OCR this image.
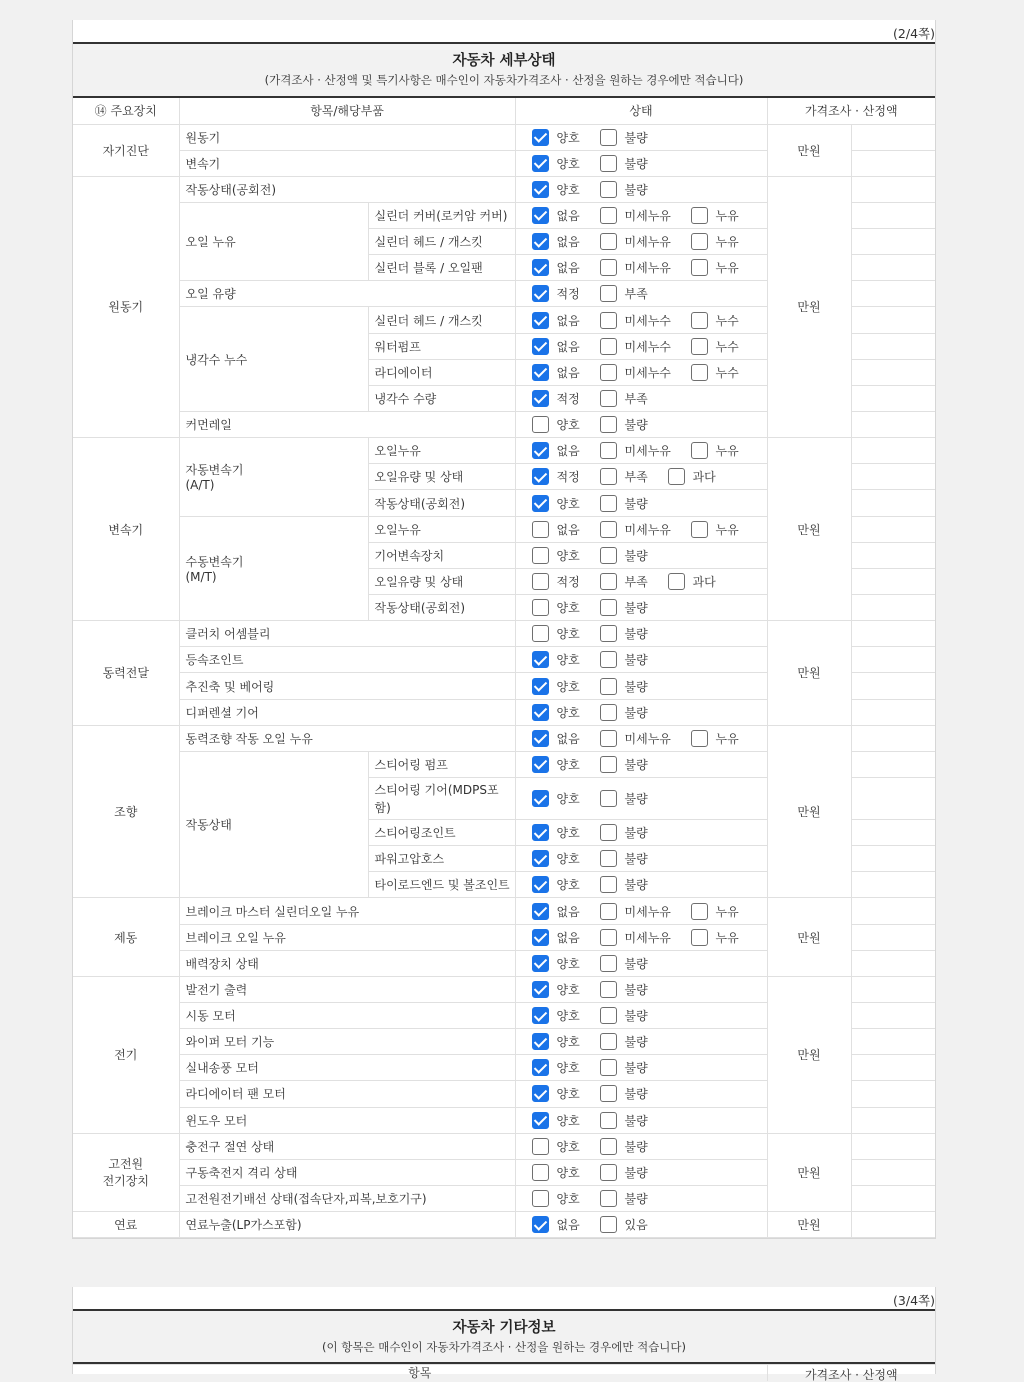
(2/4쪽)
자동차 세부상태
(가격조사 · 산정액 및 특기사항은 매수인이 자동차가격조사 · 산정을 원하는 경우에만 적습니다)
⑭ 주요장치	항목/해당부품		상태	가격조사 · 산정액	
자기진단	원동기		양호 불량	만원	
	변속기		양호 불량		

원동기	작동상태(공회전)		양호 불량	만원	
	오일 누유	실린더 커버(로커암 커버)	없음 미세누유 누유		

		실린더 헤드 / 개스킷	없음 미세누유 누유		

		실린더 블록 / 오일팬	없음 미세누유 누유		

	오일 유량		적정 부족		

	냉각수 누수	실린더 헤드 / 개스킷	없음 미세누수 누수		

		워터펌프	없음 미세누수 누수		

		라디에이터	없음 미세누수 누수		

		냉각수 수량	적정 부족		

	커먼레일		양호 불량		

변속기	자동변속기
(A/T)	오일누유	없음 미세누유 누유	만원	
		오일유량 및 상태	적정 부족 과다		

		작동상태(공회전)	양호 불량		

	수동변속기
(M/T)	오일누유	없음 미세누유 누유		

		기어변속장치	양호 불량		

		오일유량 및 상태	적정 부족 과다		

		작동상태(공회전)	양호 불량		

동력전달	클러치 어셈블리		양호 불량	만원	
	등속조인트		양호 불량		

	추진축 및 베어링		양호 불량		

	디퍼렌셜 기어		양호 불량		

조향	동력조향 작동 오일 누유		없음 미세누유 누유	만원	
	작동상태	스티어링 펌프	양호 불량		

		스티어링 기어(MDPS포함)	양호 불량		

		스티어링조인트	양호 불량		

		파워고압호스	양호 불량		

		타이로드엔드 및 볼조인트	양호 불량		

제동	브레이크 마스터 실린더오일 누유		없음 미세누유 누유	만원	
	브레이크 오일 누유		없음 미세누유 누유		

	배력장치 상태		양호 불량		

전기	발전기 출력		양호 불량	만원	
	시동 모터		양호 불량		

	와이퍼 모터 기능		양호 불량		

	실내송풍 모터		양호 불량		

	라디에이터 팬 모터		양호 불량		

	윈도우 모터		양호 불량		

고전원
전기장치	충전구 절연 상태		양호 불량	만원	
	구동축전지 격리 상태		양호 불량		

	고전원전기배선 상태(접속단자,피복,보호기구)		양호 불량		

연료	연료누출(LP가스포함)		없음 있음	만원	
(3/4쪽)
자동차 기타정보
(이 항목은 매수인이 자동차가격조사 · 산정을 원하는 경우에만 적습니다)
항목	가격조사 · 산정액
